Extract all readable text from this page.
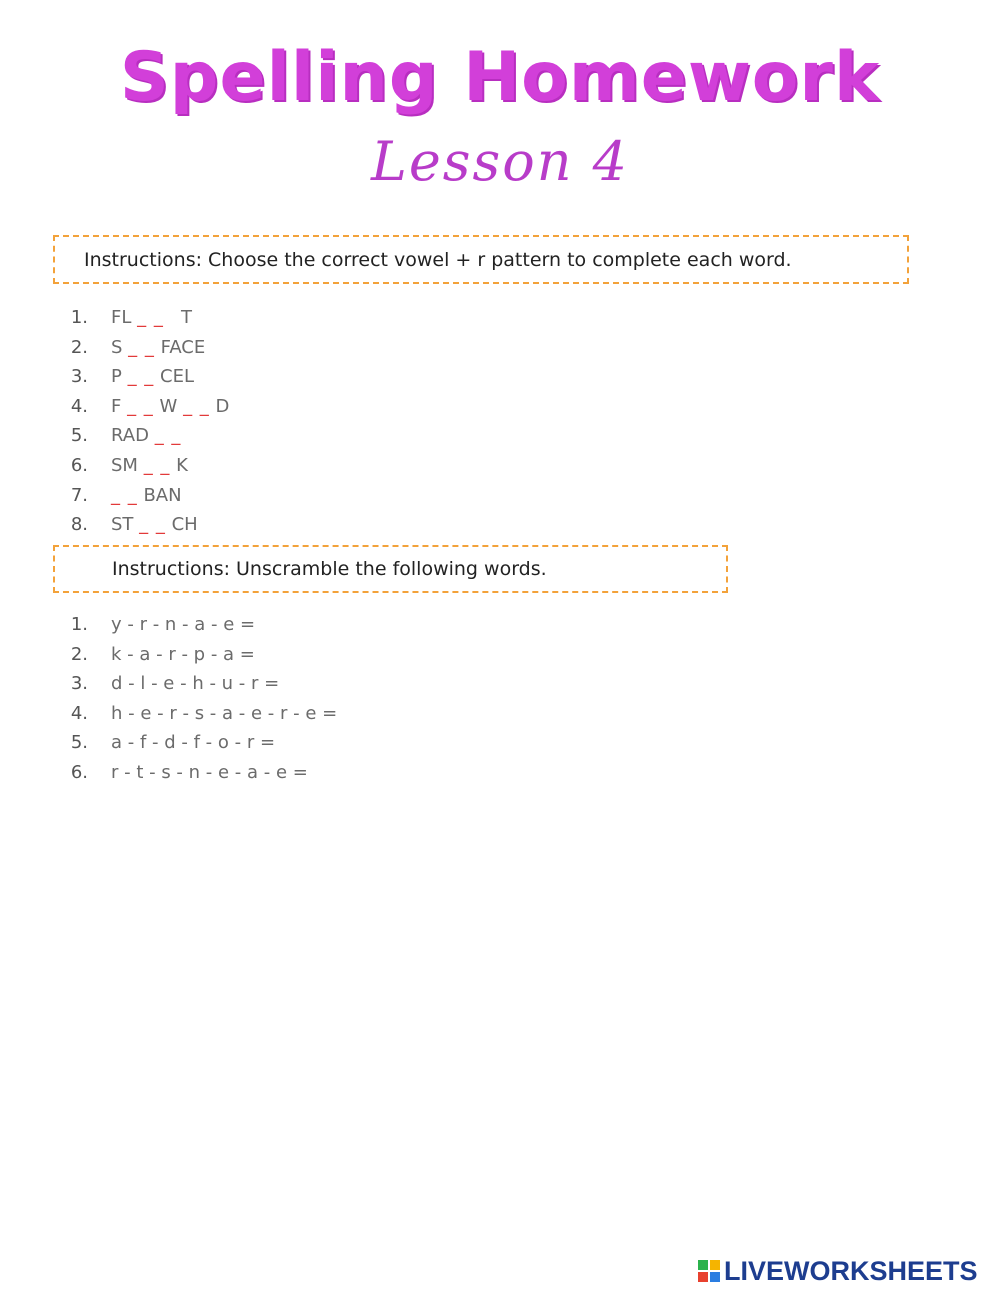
Spelling Homework
Lesson 4
Instructions: Choose the correct vowel + r pattern to complete each word.
1. FL _ _   T
2. S _ _ FACE
3. P _ _ CEL
4. F _ _ W _ _ D
5. RAD _ _
6. SM _ _ K
7. _ _ BAN
8. ST _ _ CH
Instructions: Unscramble the following words.
1. y - r - n - a - e =
2. k - a - r - p - a =
3. d - l - e - h - u - r =
4. h - e - r - s - a - e - r - e =
5. a - f - d - f - o - r =
6. r - t - s - n - e - a - e =
LIVEWORKSHEETS
